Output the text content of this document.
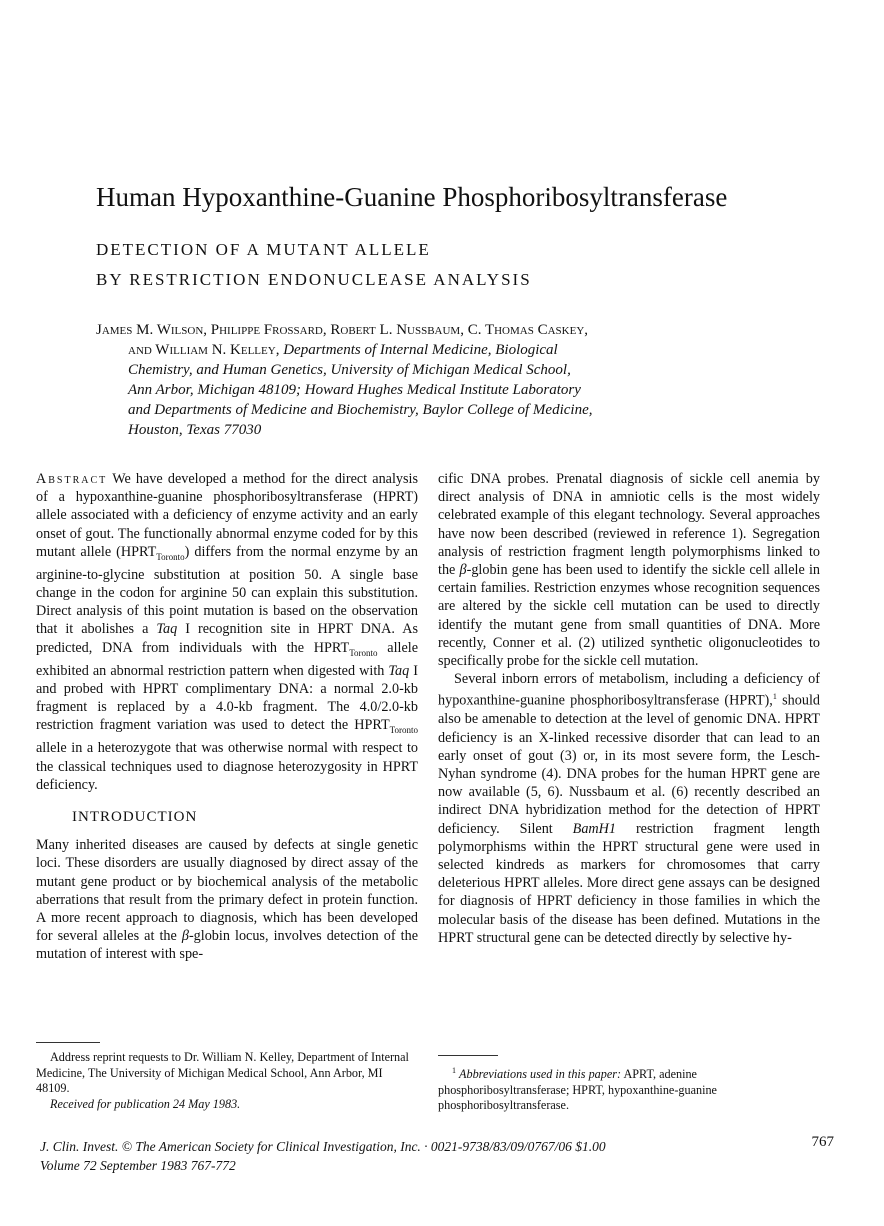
Human Hypoxanthine-Guanine Phosphoribosyltransferase
DETECTION OF A MUTANT ALLELE
BY RESTRICTION ENDONUCLEASE ANALYSIS
James M. Wilson, Philippe Frossard, Robert L. Nussbaum, C. Thomas Caskey,
and William N. Kelley, Departments of Internal Medicine, Biological
Chemistry, and Human Genetics, University of Michigan Medical School,
Ann Arbor, Michigan 48109; Howard Hughes Medical Institute Laboratory
and Departments of Medicine and Biochemistry, Baylor College of Medicine,
Houston, Texas 77030

Abstract We have developed a method for the direct analysis of a hypoxanthine-guanine phosphoribosyltransferase (HPRT) allele associated with a deficiency of enzyme activity and an early onset of gout. The functionally abnormal enzyme coded for by this mutant allele $(HPRT_{Toronto})$ differs from the normal enzyme by an arginine-to-glycine substitution at position 50. A single base change in the codon for arginine 50 can explain this substitution. Direct analysis of this point mutation is based on the observation that it abolishes a Taq I recognition site in HPRT DNA. As predicted, DNA from individuals with the $HPRT_{Toronto}$ allele exhibited an abnormal restriction pattern when digested with Taq I and probed with HPRT complimentary DNA: a normal 2.0-kb fragment is replaced by a 4.0-kb fragment. The 4.0/2.0-kb restriction fragment variation was used to detect the $HPRT_{Toronto}$ allele in a heterozygote that was otherwise normal with respect to the classical techniques used to diagnose heterozygosity in HPRT deficiency.

INTRODUCTION

Many inherited diseases are caused by defects at single genetic loci. These disorders are usually diagnosed by direct assay of the mutant gene product or by biochemical analysis of the metabolic aberrations that result from the primary defect in protein function. A more recent approach to diagnosis, which has been developed for several alleles at the β-globin locus, involves detection of the mutation of interest with spe-

cific DNA probes. Prenatal diagnosis of sickle cell anemia by direct analysis of DNA in amniotic cells is the most widely celebrated example of this elegant technology. Several approaches have now been described (reviewed in reference 1). Segregation analysis of restriction fragment length polymorphisms linked to the β-globin gene has been used to identify the sickle cell allele in certain families. Restriction enzymes whose recognition sequences are altered by the sickle cell mutation can be used to directly identify the mutant gene from small quantities of DNA. More recently, Conner et al. (2) utilized synthetic oligonucleotides to specifically probe for the sickle cell mutation.

Several inborn errors of metabolism, including a deficiency of hypoxanthine-guanine phosphoribosyltransferase (HPRT),$^1$ should also be amenable to detection at the level of genomic DNA. HPRT deficiency is an X-linked recessive disorder that can lead to an early onset of gout (3) or, in its most severe form, the Lesch-Nyhan syndrome (4). DNA probes for the human HPRT gene are now available (5, 6). Nussbaum et al. (6) recently described an indirect DNA hybridization method for the detection of HPRT deficiency. Silent BamH1 restriction fragment length polymorphisms within the HPRT structural gene were used in selected kindreds as markers for chromosomes that carry deleterious HPRT alleles. More direct gene assays can be designed for diagnosis of HPRT deficiency in those families in which the molecular basis of the disease has been defined. Mutations in the HPRT structural gene can be detected directly by selective hy-

Address reprint requests to Dr. William N. Kelley, Department of Internal Medicine, The University of Michigan Medical School, Ann Arbor, MI 48109.
Received for publication 24 May 1983.
$^1$ Abbreviations used in this paper: APRT, adenine phosphoribosyltransferase; HPRT, hypoxanthine-guanine phosphoribosyltransferase.
J. Clin. Invest. © The American Society for Clinical Investigation, Inc. · 0021-9738/83/09/0767/06 $1.00
Volume 72 September 1983 767-772
767
